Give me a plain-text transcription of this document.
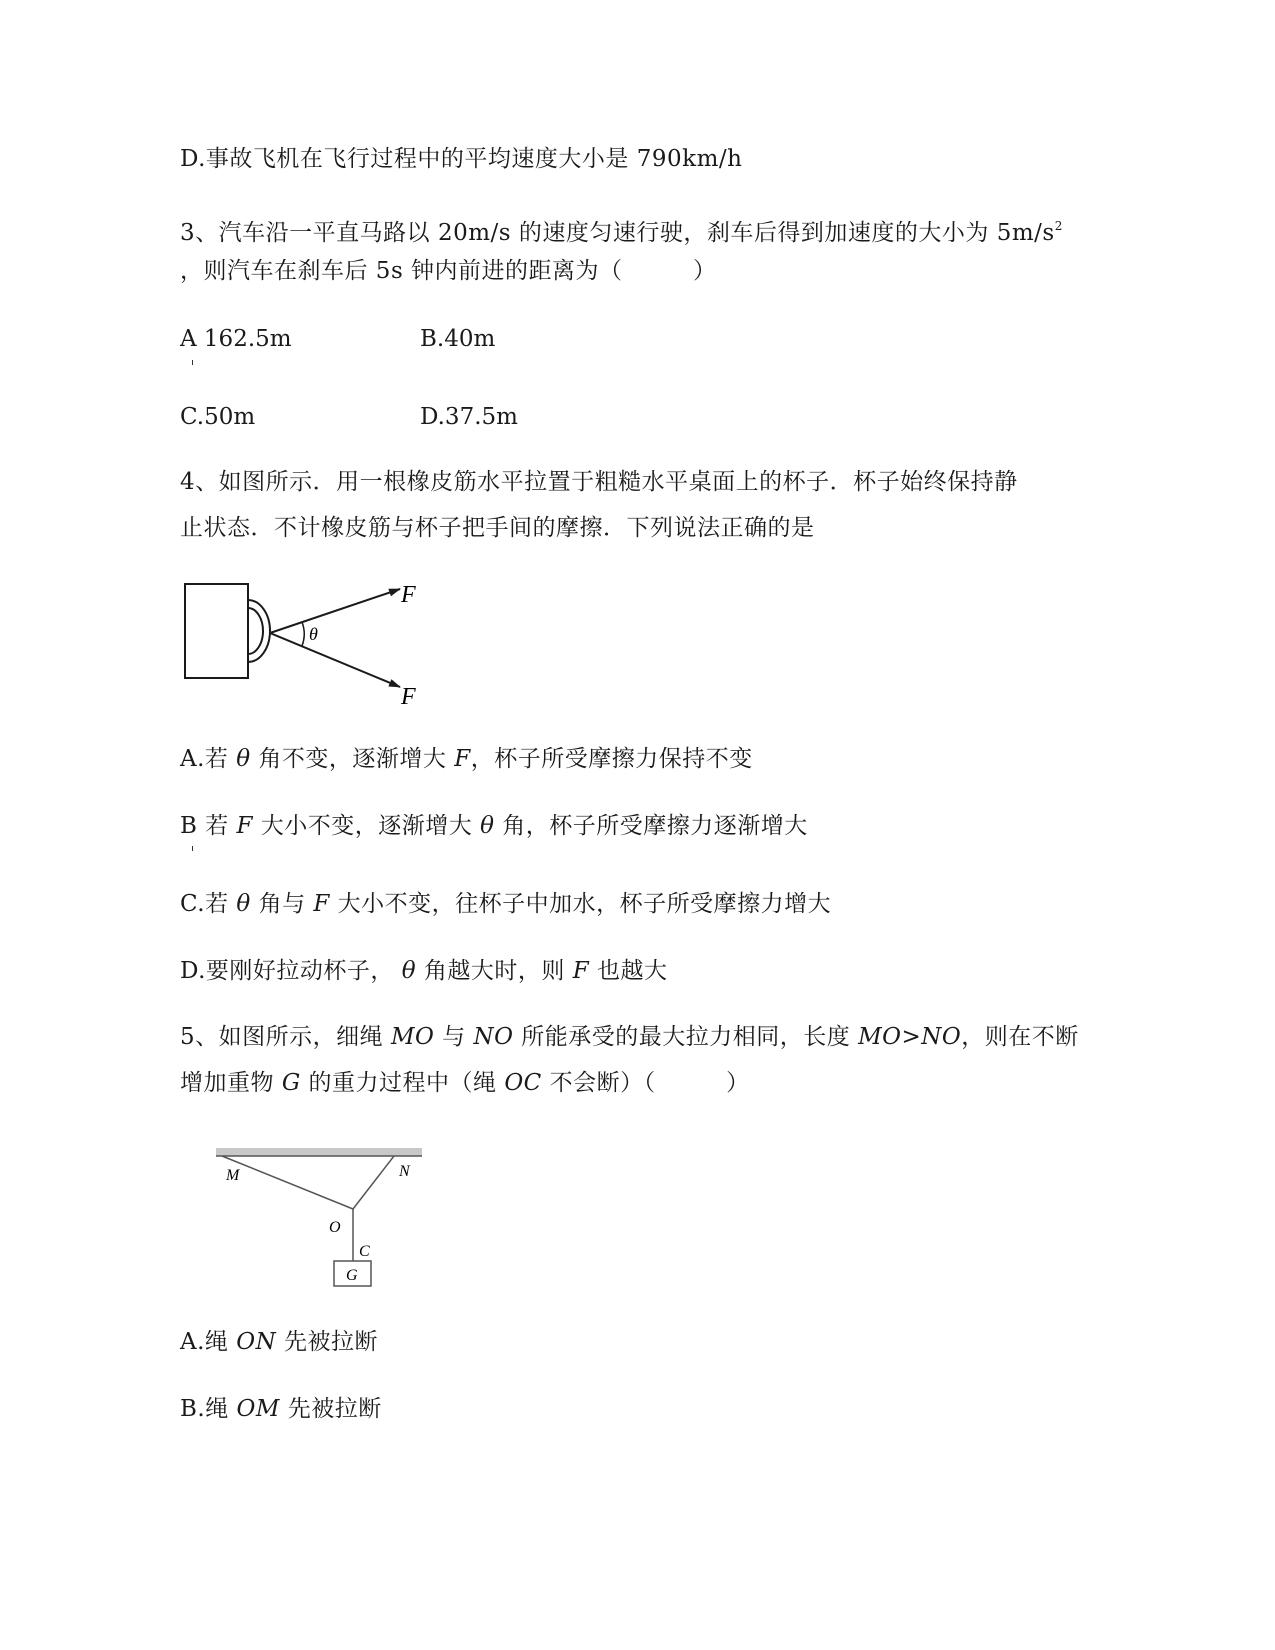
D.事故飞机在飞行过程中的平均速度大小是 790km/h
3、汽车沿一平直马路以 20m/s 的速度匀速行驶，刹车后得到加速度的大小为 $5m/s^2$
，则汽车在刹车后 5s 钟内前进的距离为（　　　）
A 162.5m	B.40m
C.50m	D.37.5m
4、如图所示．用一根橡皮筋水平拉置于粗糙水平桌面上的杯子．杯子始终保持静
止状态．不计橡皮筋与杯子把手间的摩擦．下列说法正确的是
F
θ
F
A.若 θ 角不变，逐渐增大 F，杯子所受摩擦力保持不变
B 若 F 大小不变，逐渐增大 θ 角，杯子所受摩擦力逐渐增大
C.若 θ 角与 F 大小不变，往杯子中加水，杯子所受摩擦力增大
D.要刚好拉动杯子， θ 角越大时，则 F 也越大
5、如图所示，细绳 MO 与 NO 所能承受的最大拉力相同，长度 MO>NO，则在不断
增加重物 G 的重力过程中（绳 OC 不会断）（　　　）
M	N
O
C
G
A.绳 ON 先被拉断
B.绳 OM 先被拉断
